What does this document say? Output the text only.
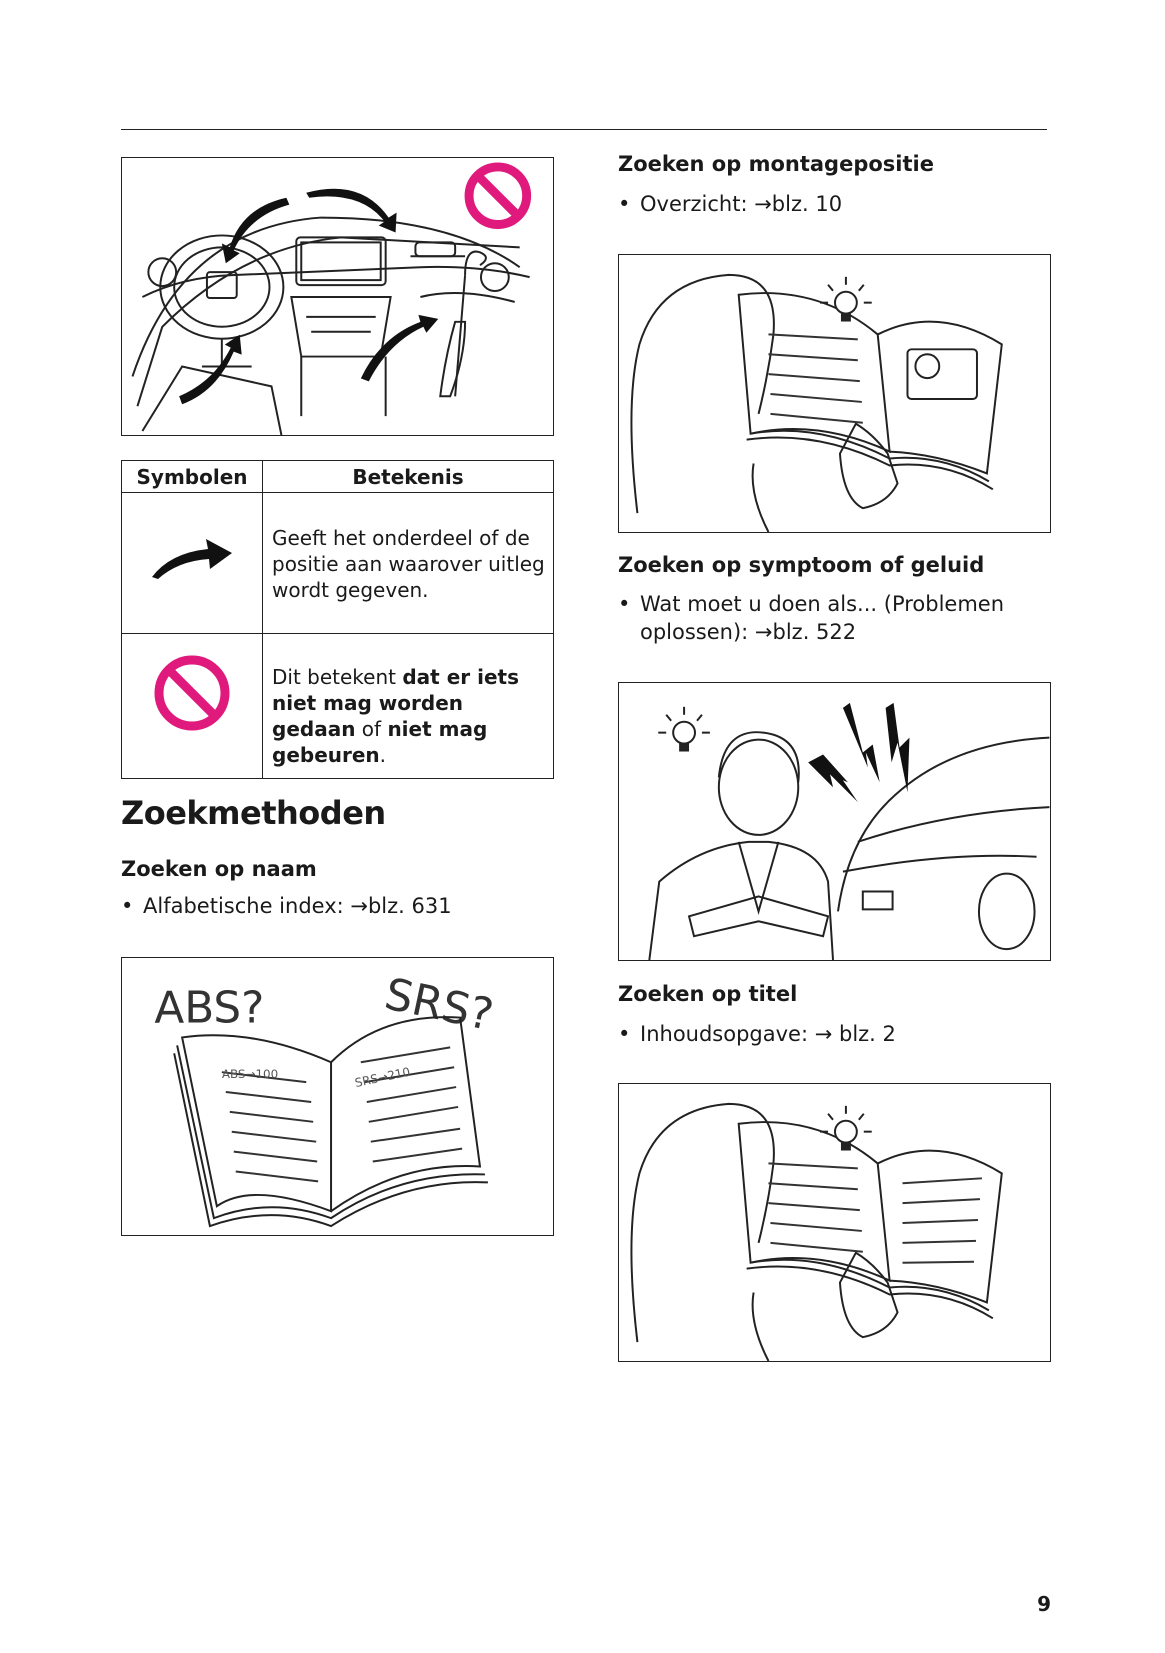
Symbolen	Betekenis
Geeft het onderdeel of de positie aan waarover uitleg wordt gegeven.
Dit betekent dat er iets niet mag worden gedaan of niet mag gebeuren.
Zoekmethoden
Zoeken op naam
• Alfabetische index: →blz. 631
ABS?	SRS?
ABS→100	SRS→210
Zoeken op montagepositie
• Overzicht: →blz. 10
Zoeken op symptoom of geluid
• Wat moet u doen als... (Problemen
oplossen): →blz. 522
Zoeken op titel
• Inhoudsopgave: → blz. 2
9
